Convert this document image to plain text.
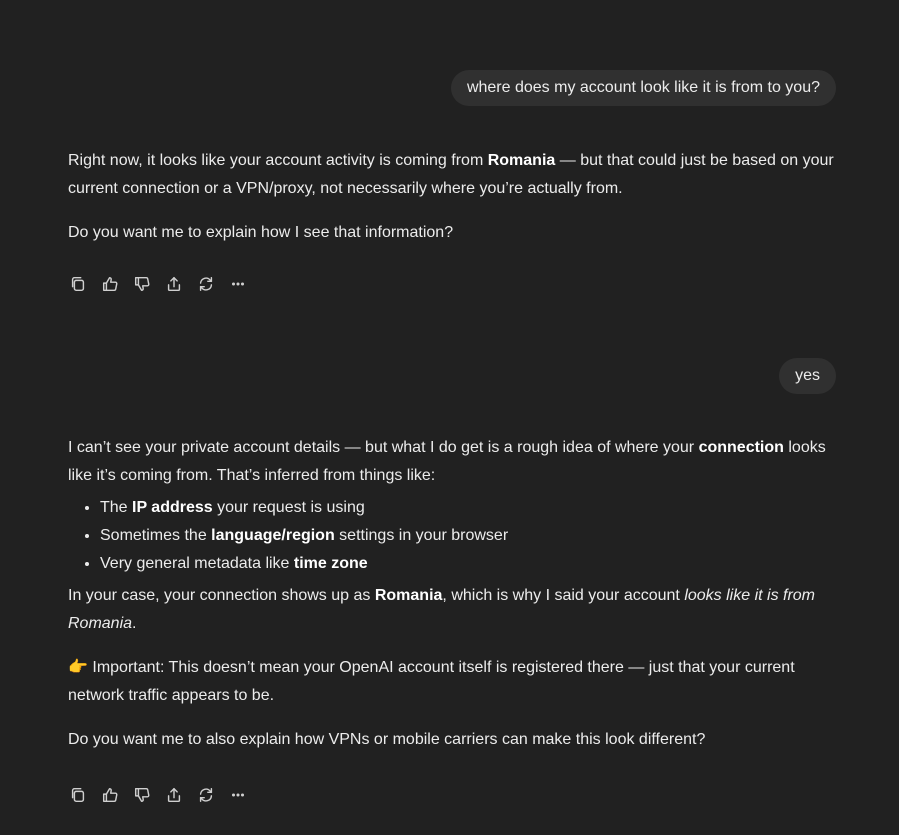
where does my account look like it is from to you?

Right now, it looks like your account activity is coming from Romania — but that could just be based on your current connection or a VPN/proxy, not necessarily where you’re actually from.

Do you want me to explain how I see that information?

yes

I can’t see your private account details — but what I do get is a rough idea of where your connection looks like it’s coming from. That’s inferred from things like:

• The IP address your request is using
• Sometimes the language/region settings in your browser
• Very general metadata like time zone

In your case, your connection shows up as Romania, which is why I said your account looks like it is from Romania.

👉 Important: This doesn’t mean your OpenAI account itself is registered there — just that your current network traffic appears to be.

Do you want me to also explain how VPNs or mobile carriers can make this look different?
